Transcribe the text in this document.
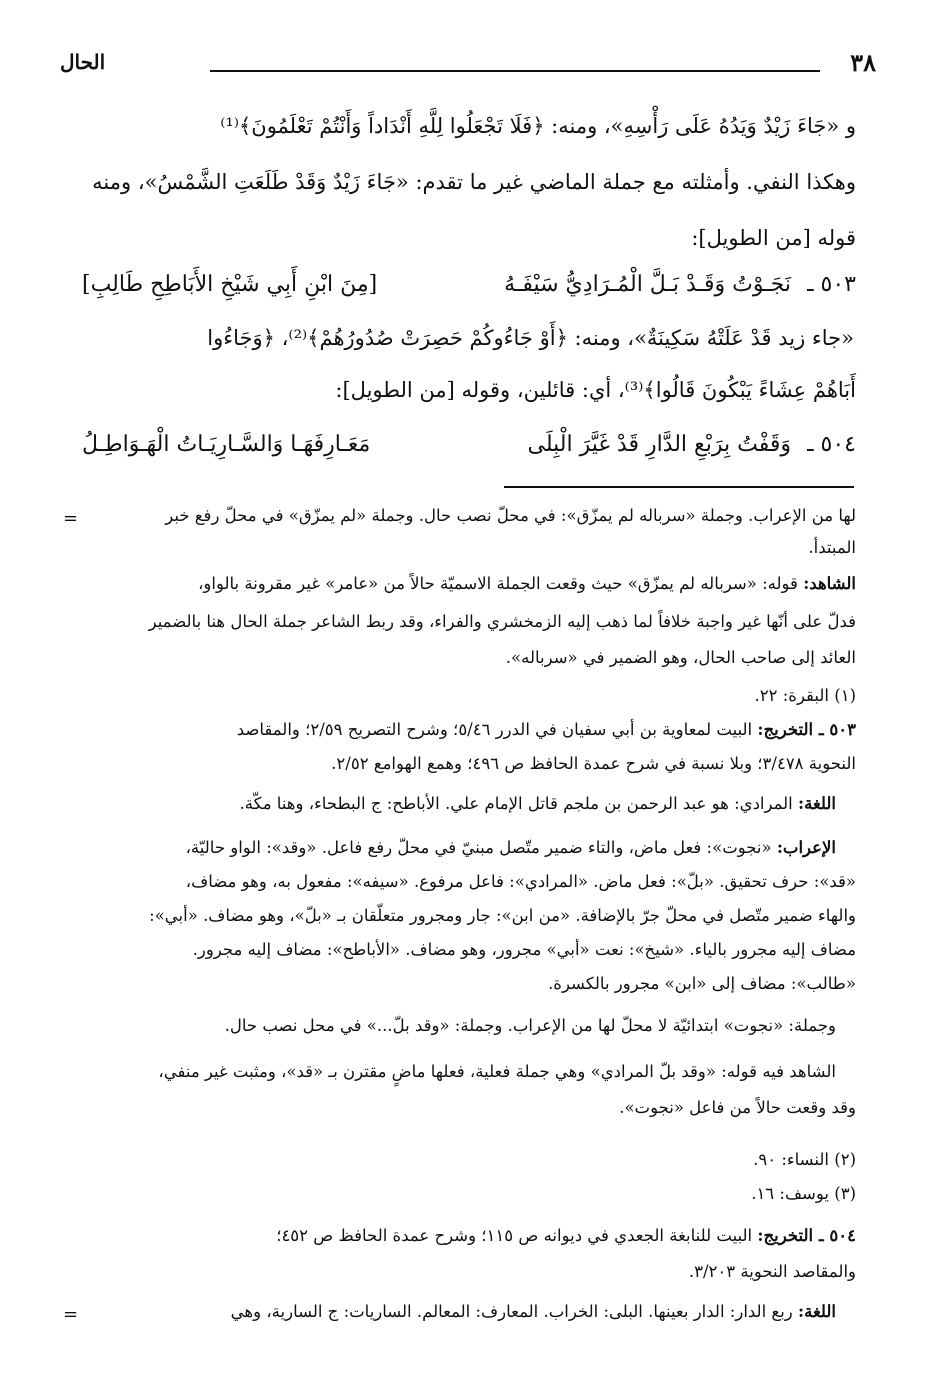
٣٨
الحال
و «جَاءَ زَيْدٌ وَيَدُهُ عَلَى رَأْسِهِ»، ومنه: ﴿فَلَا تَجْعَلُوا لِلَّهِ أَنْدَاداً وَأَنْتُمْ تَعْلَمُونَ﴾⁽¹⁾
وهكذا النفي. وأمثلته مع جملة الماضي غير ما تقدم: «جَاءَ زَيْدٌ وَقَدْ طَلَعَتِ الشَّمْسُ»، ومنه
قوله [من الطويل]:
٥٠٣ ـ
نَجَـوْتُ وَقَـدْ بَـلَّ الْمُـرَادِيُّ سَيْفَـهُ
[مِنَ ابْنِ أَبِي شَيْخِ الأَبَاطِحِ طَالِبِ]
«جاء زيد قَدْ عَلَتْهُ سَكِينَةٌ»، ومنه: ﴿أَوْ جَاءُوكُمْ حَصِرَتْ صُدُورُهُمْ﴾⁽²⁾، ﴿وَجَاءُوا
أَبَاهُمْ عِشَاءً يَبْكُونَ قَالُوا﴾⁽³⁾، أي: قائلين، وقوله [من الطويل]:
٥٠٤ ـ
وَقَفْتُ بِرَبْعِ الدَّارِ قَدْ غَيَّرَ الْبِلَى
مَعَـارِفَهَـا وَالسَّـارِيَـاتُ الْهَـوَاطِـلُ
=	لها من الإعراب. وجملة «سرباله لم يمزّق»: في محلّ نصب حال. وجملة «لم يمزّق» في محلّ رفع خبر
المبتدأ.
الشاهد: قوله: «سرباله لم يمزّق» حيث وقعت الجملة الاسميّة حالاً من «عامر» غير مقرونة بالواو،
فدلّ على أنّها غير واجبة خلافاً لما ذهب إليه الزمخشري والفراء، وقد ربط الشاعر جملة الحال هنا بالضمير
العائد إلى صاحب الحال، وهو الضمير في «سرباله».
(١) البقرة: ٢٢.
٥٠٣ ـ التخريج: البيت لمعاوية بن أبي سفيان في الدرر ٥/٤٦؛ وشرح التصريح ٢/٥٩؛ والمقاصد
النحوية ٣/٤٧٨؛ وبلا نسبة في شرح عمدة الحافظ ص ٤٩٦؛ وهمع الهوامع ٢/٥٢.
اللغة: المرادي: هو عبد الرحمن بن ملجم قاتل الإمام علي. الأباطح: ج البطحاء، وهنا مكّة.
الإعراب: «نجوت»: فعل ماض، والتاء ضمير متّصل مبنيّ في محلّ رفع فاعل. «وقد»: الواو حاليّة،
«قد»: حرف تحقيق. «بلّ»: فعل ماض. «المرادي»: فاعل مرفوع. «سيفه»: مفعول به، وهو مضاف،
والهاء ضمير متّصل في محلّ جرّ بالإضافة. «من ابن»: جار ومجرور متعلّقان بـ «بلّ»، وهو مضاف. «أبي»:
مضاف إليه مجرور بالياء. «شيخ»: نعت «أبي» مجرور، وهو مضاف. «الأباطح»: مضاف إليه مجرور.
«طالب»: مضاف إلى «ابن» مجرور بالكسرة.
وجملة: «نجوت» ابتدائيّة لا محلّ لها من الإعراب. وجملة: «وقد بلّ...» في محل نصب حال.
الشاهد فيه قوله: «وقد بلّ المرادي» وهي جملة فعلية، فعلها ماضٍ مقترن بـ «قد»، ومثبت غير منفي،
وقد وقعت حالاً من فاعل «نجوت».
(٢) النساء: ٩٠.
(٣) يوسف: ١٦.
٥٠٤ ـ التخريج: البيت للنابغة الجعدي في ديوانه ص ١١٥؛ وشرح عمدة الحافظ ص ٤٥٢؛
والمقاصد النحوية ٣/٢٠٣.
اللغة: ربع الدار: الدار بعينها. البلى: الخراب. المعارف: المعالم. الساريات: ج السارية، وهي
=
